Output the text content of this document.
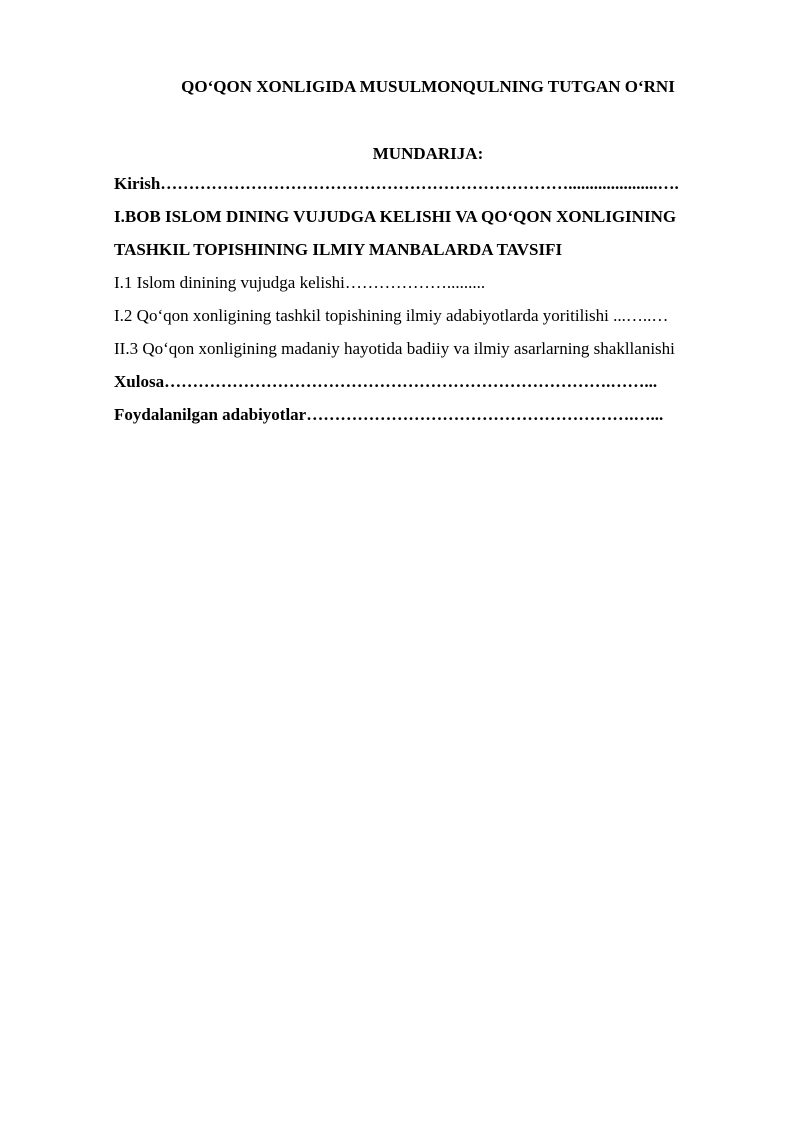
QO‘QON XONLIGIDA MUSULMONQULNING TUTGAN O‘RNI
MUNDARIJA:
Kirish……………………………………………………………….....................….
I.BOB ISLOM DINING VUJUDGA KELISHI VA QO‘QON XONLIGINING
TASHKIL TOPISHINING ILMIY MANBALARDA TAVSIFI
I.1 Islom dinining vujudga kelishi……………….........
I.2 Qo‘qon xonligining tashkil topishining ilmiy adabiyotlarda yoritilishi ...…..…
II.3 Qo‘qon xonligining madaniy hayotida badiiy va ilmiy asarlarning shakllanishi
Xulosa…………………………………………………………………….……...
Foydalanilgan adabiyotlar………………………………………………….…...
